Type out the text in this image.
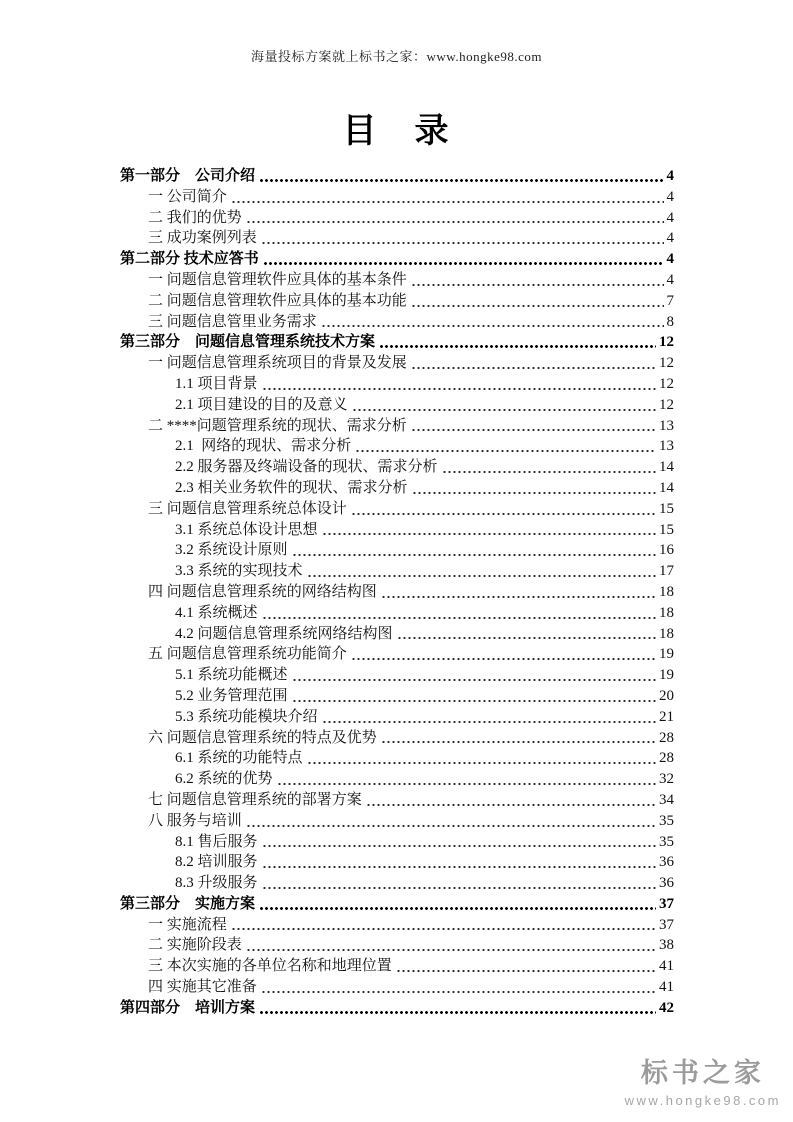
海量投标方案就上标书之家：www.hongke98.com
目　录
第一部分　公司介绍	4
一 公司简介	4
二 我们的优势	4
三 成功案例列表	4
第二部分 技术应答书	4
一 问题信息管理软件应具体的基本条件	4
二 问题信息管理软件应具体的基本功能	7
三 问题信息管里业务需求	8
第三部分　问题信息管理系统技术方案	12
一 问题信息管理系统项目的背景及发展	12
1.1 项目背景	12
2.1 项目建设的目的及意义	12
二 ****问题管理系统的现状、需求分析	13
2.1  网络的现状、需求分析	13
2.2 服务器及终端设备的现状、需求分析	14
2.3 相关业务软件的现状、需求分析	14
三 问题信息管理系统总体设计	15
3.1 系统总体设计思想	15
3.2 系统设计原则	16
3.3 系统的实现技术	17
四 问题信息管理系统的网络结构图	18
4.1 系统概述	18
4.2 问题信息管理系统网络结构图	18
五 问题信息管理系统功能简介	19
5.1 系统功能概述	19
5.2 业务管理范围	20
5.3 系统功能模块介绍	21
六 问题信息管理系统的特点及优势	28
6.1 系统的功能特点	28
6.2 系统的优势	32
七 问题信息管理系统的部署方案	34
八 服务与培训	35
8.1 售后服务	35
8.2 培训服务	36
8.3 升级服务	36
第三部分　实施方案	37
一 实施流程	37
二 实施阶段表	38
三 本次实施的各单位名称和地理位置	41
四 实施其它准备	41
第四部分　培训方案	42
标书之家
www.hongke98.com
